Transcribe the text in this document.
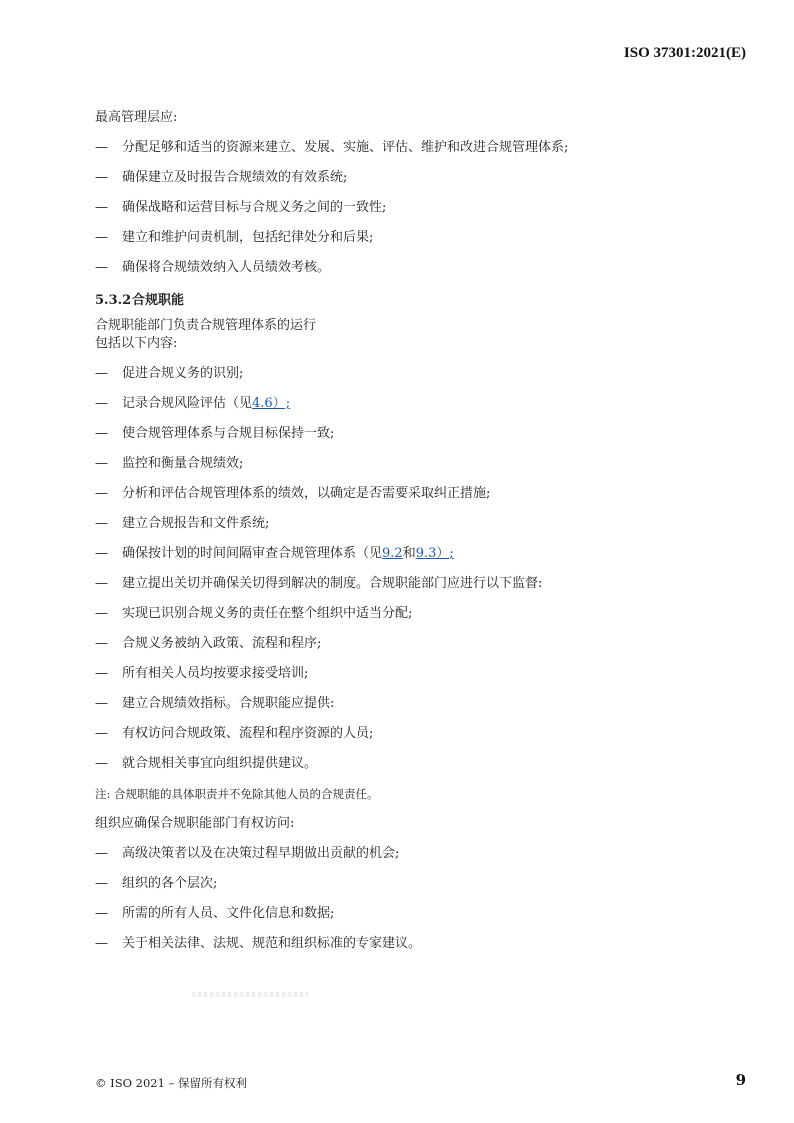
ISO 37301:2021(E)
最高管理层应:
—	分配足够和适当的资源来建立、发展、实施、评估、维护和改进合规管理体系;
—	确保建立及时报告合规绩效的有效系统;
—	确保战略和运营目标与合规义务之间的一致性;
—	建立和维护问责机制，包括纪律处分和后果;
—	确保将合规绩效纳入人员绩效考核。
5.3.2合规职能
合规职能部门负责合规管理体系的运行
包括以下内容:
—	促进合规义务的识别;
—	记录合规风险评估（见 4.6）;
—	使合规管理体系与合规目标保持一致;
—	监控和衡量合规绩效;
—	分析和评估合规管理体系的绩效，以确定是否需要采取纠正措施;
—	建立合规报告和文件系统;
—	确保按计划的时间间隔审查合规管理体系（见 9.2 和 9.3）;
—	建立提出关切并确保关切得到解决的制度。合规职能部门应进行以下监督:
—	实现已识别合规义务的责任在整个组织中适当分配;
—	合规义务被纳入政策、流程和程序;
—	所有相关人员均按要求接受培训;
—	建立合规绩效指标。合规职能应提供:
—	有权访问合规政策、流程和程序资源的人员;
—	就合规相关事宜向组织提供建议。
注: 合规职能的具体职责并不免除其他人员的合规责任。
组织应确保合规职能部门有权访问:
—	高级决策者以及在决策过程早期做出贡献的机会;
—	组织的各个层次;
—	所需的所有人员、文件化信息和数据;
—	关于相关法律、法规、规范和组织标准的专家建议。
© ISO 2021 – 保留所有权利	9
